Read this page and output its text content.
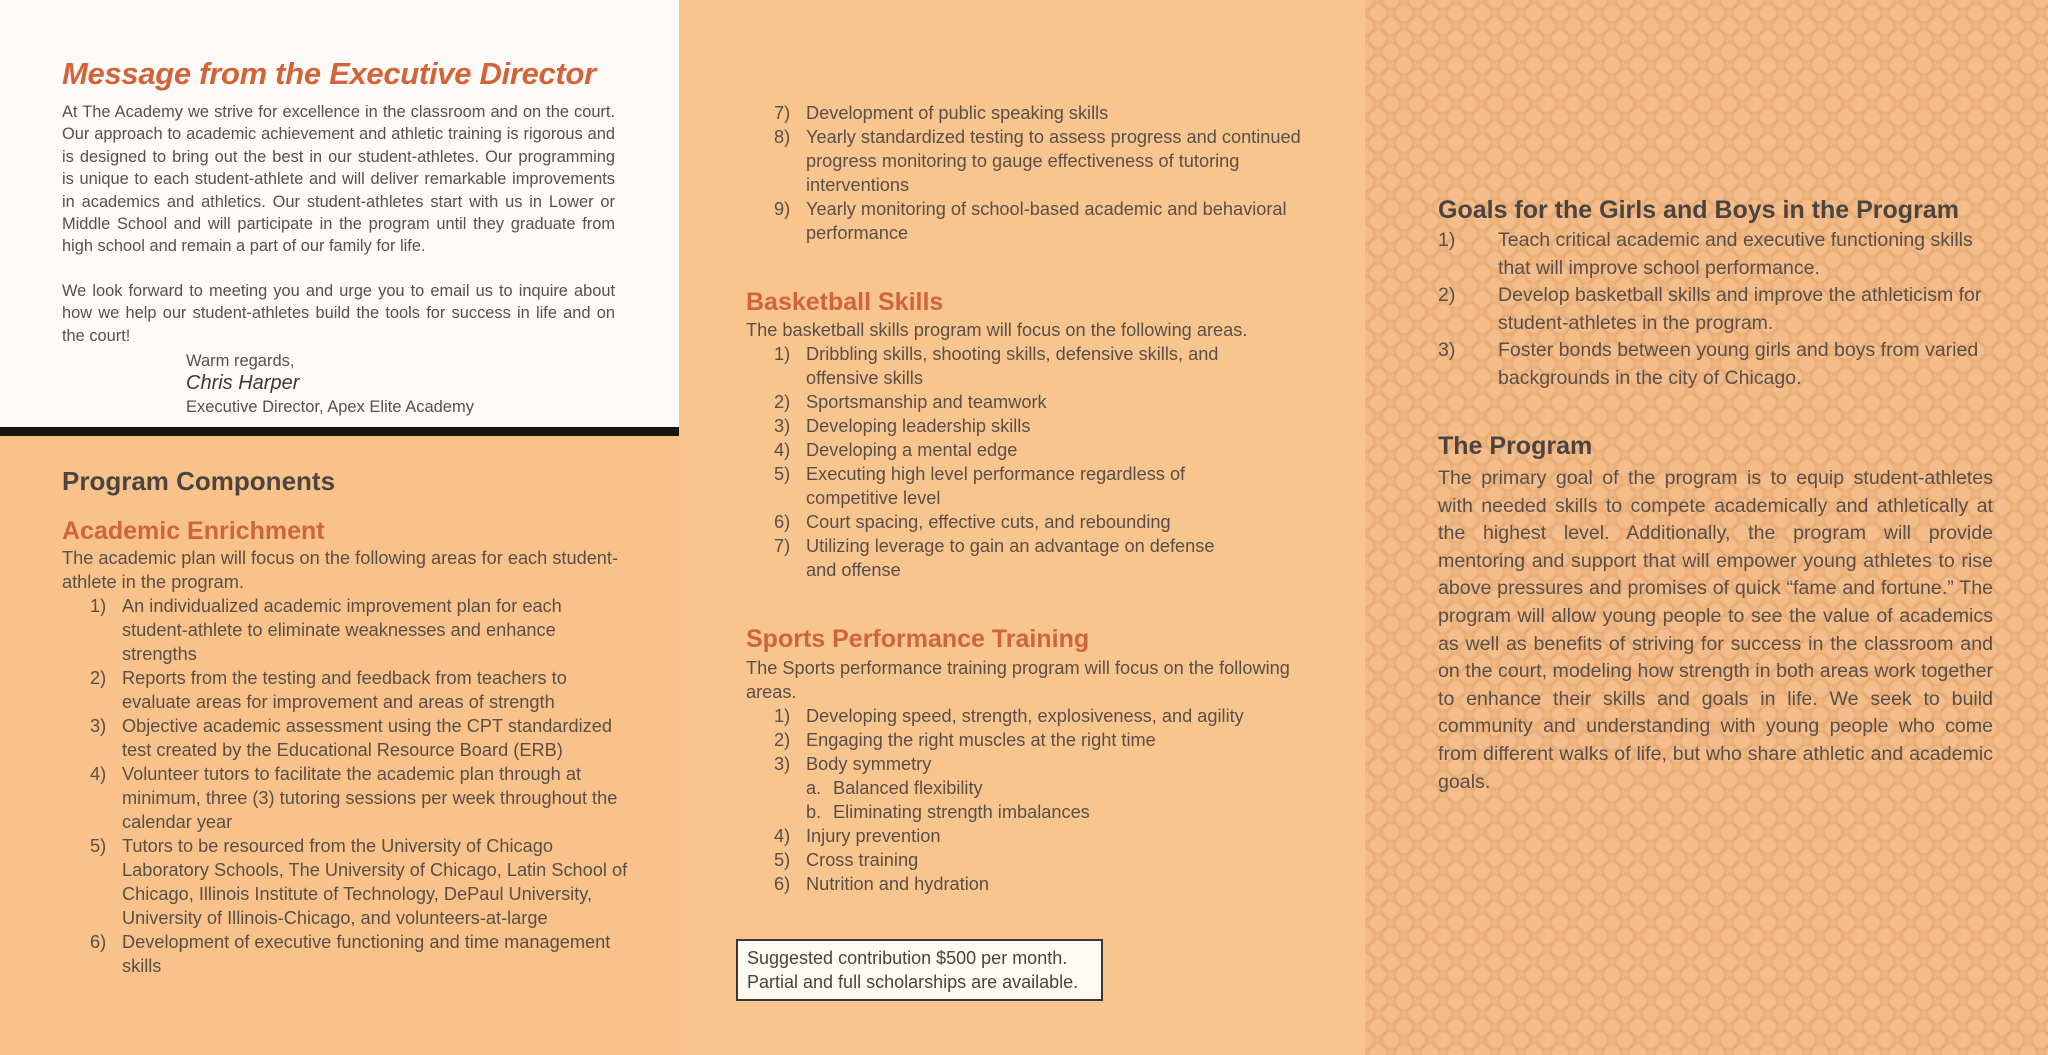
Message from the Executive Director

At The Academy we strive for excellence in the classroom and on the court. Our approach to academic achievement and athletic training is rigorous and is designed to bring out the best in our student-athletes. Our programming is unique to each student-athlete and will deliver remarkable improvements in academics and athletics. Our student-athletes start with us in Lower or Middle School and will participate in the program until they graduate from high school and remain a part of our family for life.

We look forward to meeting you and urge you to email us to inquire about how we help our student-athletes build the tools for success in life and on the court!

Warm regards,
Chris Harper
Executive Director, Apex Elite Academy
Program Components
Academic Enrichment

The academic plan will focus on the following areas for each student-athlete in the program.

1) An individualized academic improvement plan for each student-athlete to eliminate weaknesses and enhance strengths
2) Reports from the testing and feedback from teachers to evaluate areas for improvement and areas of strength
3) Objective academic assessment using the CPT standardized test created by the Educational Resource Board (ERB)
4) Volunteer tutors to facilitate the academic plan through at minimum, three (3) tutoring sessions per week throughout the calendar year
5) Tutors to be resourced from the University of Chicago Laboratory Schools, The University of Chicago, Latin School of Chicago, Illinois Institute of Technology, DePaul University, University of Illinois-Chicago, and volunteers-at-large
6) Development of executive functioning and time management skills
7) Development of public speaking skills
8) Yearly standardized testing to assess progress and continued progress monitoring to gauge effectiveness of tutoring interventions
9) Yearly monitoring of school-based academic and behavioral performance
Basketball Skills

The basketball skills program will focus on the following areas.

1) Dribbling skills, shooting skills, defensive skills, and offensive skills
2) Sportsmanship and teamwork
3) Developing leadership skills
4) Developing a mental edge
5) Executing high level performance regardless of competitive level
6) Court spacing, effective cuts, and rebounding
7) Utilizing leverage to gain an advantage on defense and offense
Sports Performance Training

The Sports performance training program will focus on the following areas.

1) Developing speed, strength, explosiveness, and agility
2) Engaging the right muscles at the right time
3) Body symmetry
a. Balanced flexibility
b. Eliminating strength imbalances
4) Injury prevention
5) Cross training
6) Nutrition and hydration
Suggested contribution $500 per month.
Partial and full scholarships are available.
Goals for the Girls and Boys in the Program
1) Teach critical academic and executive functioning skills that will improve school performance.
2) Develop basketball skills and improve the athleticism for student-athletes in the program.
3) Foster bonds between young girls and boys from varied backgrounds in the city of Chicago.
The Program

The primary goal of the program is to equip student-athletes with needed skills to compete academically and athletically at the highest level. Additionally, the program will provide mentoring and support that will empower young athletes to rise above pressures and promises of quick “fame and fortune.” The program will allow young people to see the value of academics as well as benefits of striving for success in the classroom and on the court, modeling how strength in both areas work together to enhance their skills and goals in life. We seek to build community and understanding with young people who come from different walks of life, but who share athletic and academic goals.
